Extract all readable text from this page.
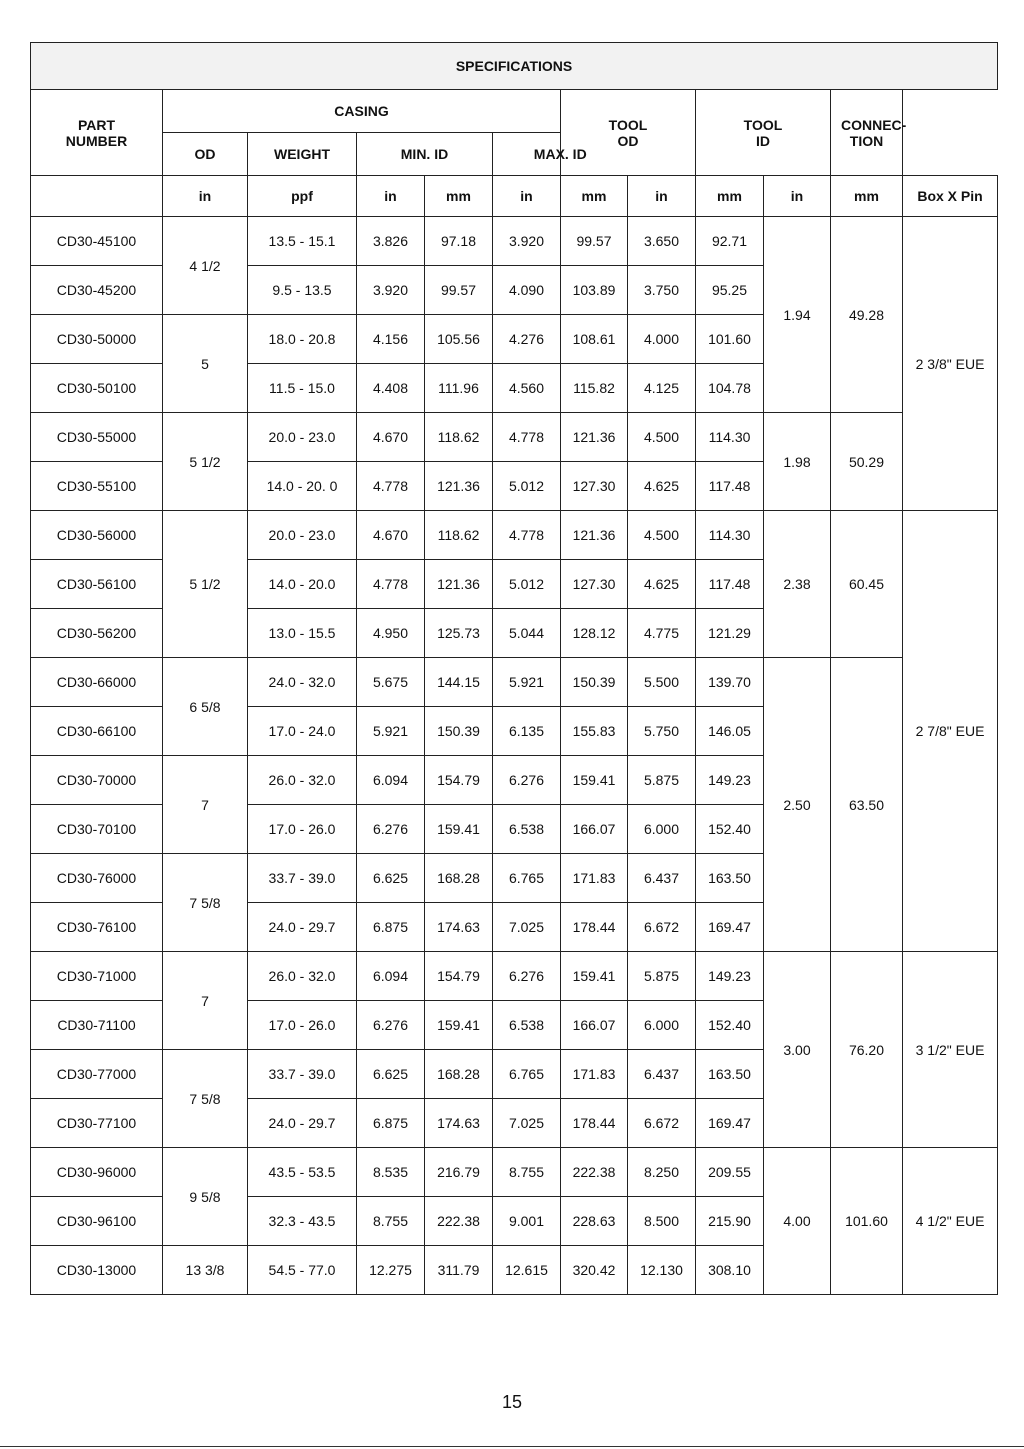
SPECIFICATIONS											
PART NUMBER	CASING					TOOL OD		TOOL ID		CONNEC-TION	
	OD	WEIGHT	MIN. ID		MAX. ID						
	in	ppf	in	mm	in	mm	in	mm	in	mm	Box X Pin
CD30-45100	4 1/2	13.5 - 15.1	3.826	97.18	3.920	99.57	3.650	92.71	1.94	49.28	2 3/8" EUE
CD30-45200		9.5 - 13.5	3.920	99.57	4.090	103.89	3.750	95.25			
CD30-50000	5	18.0 - 20.8	4.156	105.56	4.276	108.61	4.000	101.60			
CD30-50100		11.5 - 15.0	4.408	111.96	4.560	115.82	4.125	104.78			
CD30-55000	5 1/2	20.0 - 23.0	4.670	118.62	4.778	121.36	4.500	114.30	1.98	50.29	
CD30-55100		14.0 - 20. 0	4.778	121.36	5.012	127.30	4.625	117.48			
CD30-56000	5 1/2	20.0 - 23.0	4.670	118.62	4.778	121.36	4.500	114.30	2.38	60.45	2 7/8" EUE
CD30-56100		14.0 - 20.0	4.778	121.36	5.012	127.30	4.625	117.48			
CD30-56200		13.0 - 15.5	4.950	125.73	5.044	128.12	4.775	121.29			
CD30-66000	6 5/8	24.0 - 32.0	5.675	144.15	5.921	150.39	5.500	139.70	2.50	63.50	
CD30-66100		17.0 - 24.0	5.921	150.39	6.135	155.83	5.750	146.05			
CD30-70000	7	26.0 - 32.0	6.094	154.79	6.276	159.41	5.875	149.23			
CD30-70100		17.0 - 26.0	6.276	159.41	6.538	166.07	6.000	152.40			
CD30-76000	7 5/8	33.7 - 39.0	6.625	168.28	6.765	171.83	6.437	163.50			
CD30-76100		24.0 - 29.7	6.875	174.63	7.025	178.44	6.672	169.47			
CD30-71000	7	26.0 - 32.0	6.094	154.79	6.276	159.41	5.875	149.23	3.00	76.20	3 1/2" EUE
CD30-71100		17.0 - 26.0	6.276	159.41	6.538	166.07	6.000	152.40			
CD30-77000	7 5/8	33.7 - 39.0	6.625	168.28	6.765	171.83	6.437	163.50			
CD30-77100		24.0 - 29.7	6.875	174.63	7.025	178.44	6.672	169.47			
CD30-96000	9 5/8	43.5 - 53.5	8.535	216.79	8.755	222.38	8.250	209.55	4.00	101.60	4 1/2" EUE
CD30-96100		32.3 - 43.5	8.755	222.38	9.001	228.63	8.500	215.90			
CD30-13000	13 3/8	54.5 - 77.0	12.275	311.79	12.615	320.42	12.130	308.10			
15
